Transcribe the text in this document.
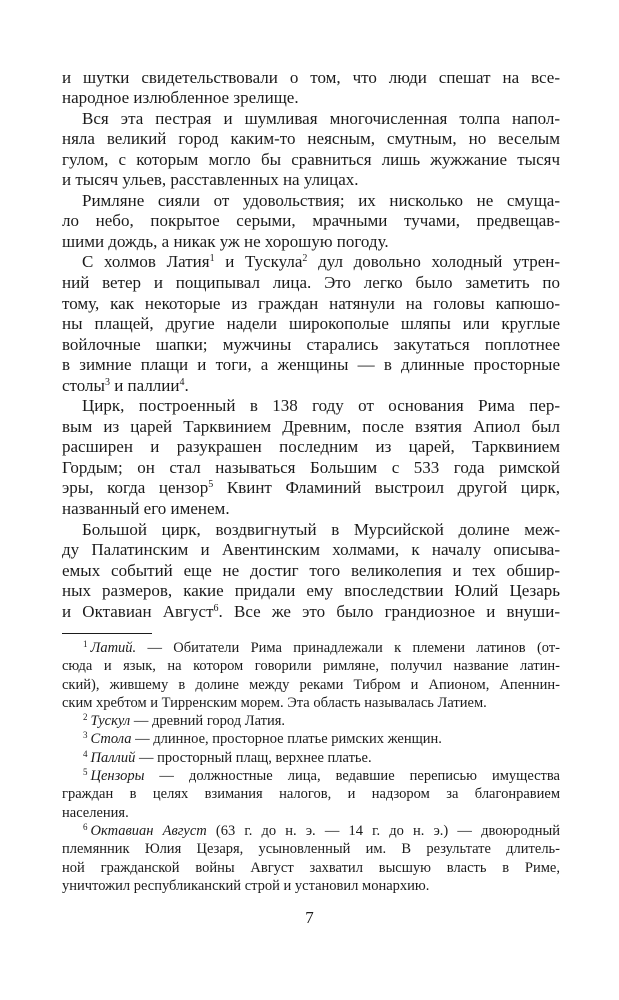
и шутки свидетельствовали о том, что люди спешат на все-
народное излюбленное зрелище.
Вся эта пестрая и шумливая многочисленная толпа напол-
няла великий город каким-то неясным, смутным, но веселым
гулом, с которым могло бы сравниться лишь жужжание тысяч
и тысяч ульев, расставленных на улицах.
Римляне сияли от удовольствия; их нисколько не смуща-
ло небо, покрытое серыми, мрачными тучами, предвещав-
шими дождь, а никак уж не хорошую погоду.
С холмов Латия$^1$ и Тускула$^2$ дул довольно холодный утрен-
ний ветер и пощипывал лица. Это легко было заметить по
тому, как некоторые из граждан натянули на головы капюшо-
ны плащей, другие надели широкополые шляпы или круглые
войлочные шапки; мужчины старались закутаться поплотнее
в зимние плащи и тоги, а женщины — в длинные просторные
столы$^3$ и паллии$^4$.
Цирк, построенный в 138 году от основания Рима пер-
вым из царей Тарквинием Древним, после взятия Апиол был
расширен и разукрашен последним из царей, Тарквинием
Гордым; он стал называться Большим с 533 года римской
эры, когда цензор$^5$ Квинт Фламиний выстроил другой цирк,
названный его именем.
Большой цирк, воздвигнутый в Мурсийской долине меж-
ду Палатинским и Авентинским холмами, к началу описыва-
емых событий еще не достиг того великолепия и тех обшир-
ных размеров, какие придали ему впоследствии Юлий Цезарь
и Октавиан Август$^6$. Все же это было грандиозное и внуши-
$^1$ Латий. — Обитатели Рима принадлежали к племени латинов (от-
сюда и язык, на котором говорили римляне, получил название латин-
ский), жившему в долине между реками Тибром и Апионом, Апеннин-
ским хребтом и Тирренским морем. Эта область называлась Латием.
$^2$ Тускул — древний город Латия.
$^3$ Стола — длинное, просторное платье римских женщин.
$^4$ Паллий — просторный плащ, верхнее платье.
$^5$ Цензоры — должностные лица, ведавшие переписью имущества
граждан в целях взимания налогов, и надзором за благонравием
населения.
$^6$ Октавиан Август (63 г. до н. э. — 14 г. до н. э.) — двоюродный
племянник Юлия Цезаря, усыновленный им. В результате длитель-
ной гражданской войны Август захватил высшую власть в Риме,
уничтожил республиканский строй и установил монархию.
7
